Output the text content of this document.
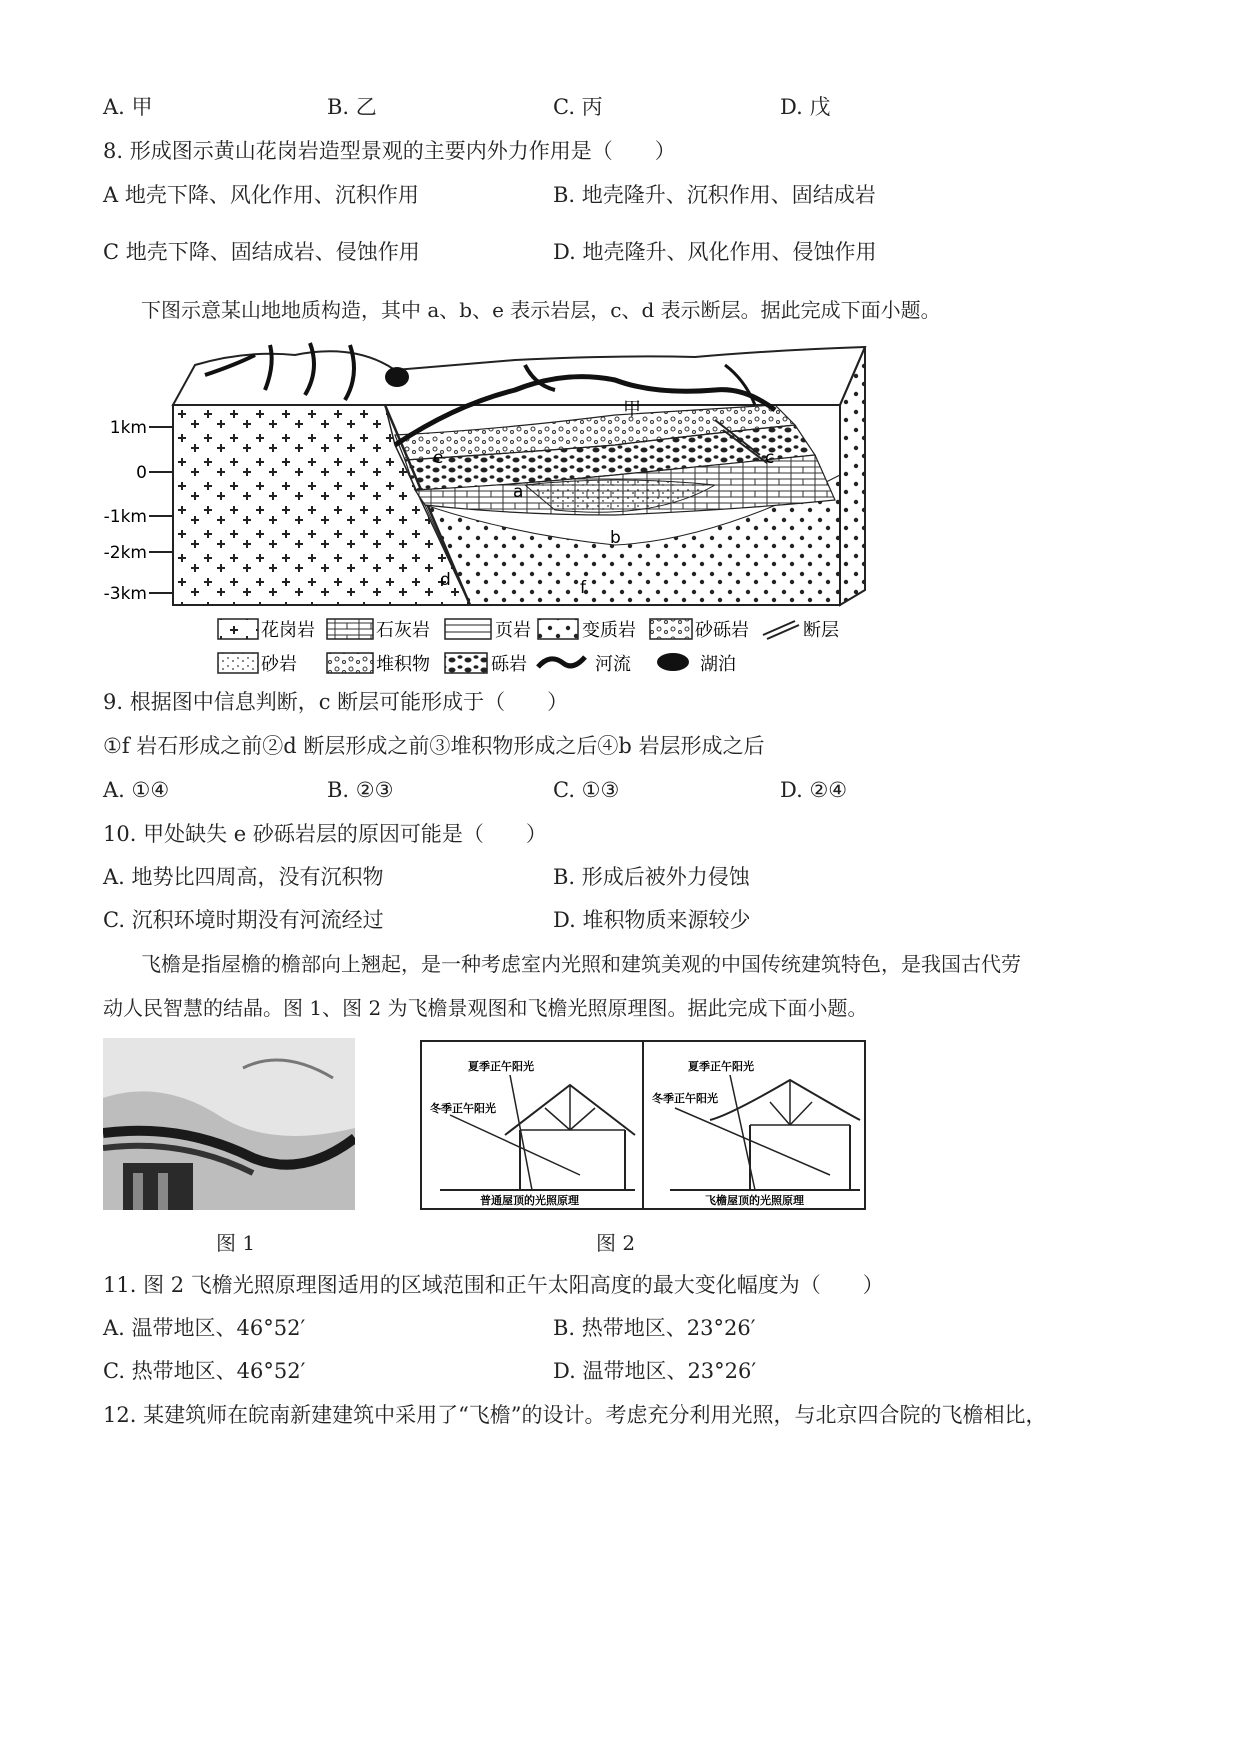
A. 甲	B. 乙	C. 丙	D. 戊
8. 形成图示黄山花岗岩造型景观的主要内外力作用是（　　）
A 地壳下降、风化作用、沉积作用	B. 地壳隆升、沉积作用、固结成岩
C 地壳下降、固结成岩、侵蚀作用	D. 地壳隆升、风化作用、侵蚀作用
下图示意某山地地质构造，其中 a、b、e 表示岩层，c、d 表示断层。据此完成下面小题。
1km
0
-1km
-2km
-3km
甲
e	c
a
b
d	f
花岗岩	石灰岩	页岩	变质岩	砂砾岩	断层
砂岩	堆积物	砾岩	河流	湖泊
9. 根据图中信息判断，c 断层可能形成于（　　）
①f 岩石形成之前②d 断层形成之前③堆积物形成之后④b 岩层形成之后
A. ①④	B. ②③	C. ①③	D. ②④
10. 甲处缺失 e 砂砾岩层的原因可能是（　　）
A. 地势比四周高，没有沉积物	B. 形成后被外力侵蚀
C. 沉积环境时期没有河流经过	D. 堆积物质来源较少
飞檐是指屋檐的檐部向上翘起，是一种考虑室内光照和建筑美观的中国传统建筑特色，是我国古代劳
动人民智慧的结晶。图 1、图 2 为飞檐景观图和飞檐光照原理图。据此完成下面小题。
夏季正午阳光
冬季正午阳光
普通屋顶的光照原理
夏季正午阳光
冬季正午阳光
飞檐屋顶的光照原理
图 1	图 2
11. 图 2 飞檐光照原理图适用的区域范围和正午太阳高度的最大变化幅度为（　　）
A. 温带地区、46°52′	B. 热带地区、23°26′
C. 热带地区、46°52′	D. 温带地区、23°26′
12. 某建筑师在皖南新建建筑中采用了“飞檐”的设计。考虑充分利用光照，与北京四合院的飞檐相比，
